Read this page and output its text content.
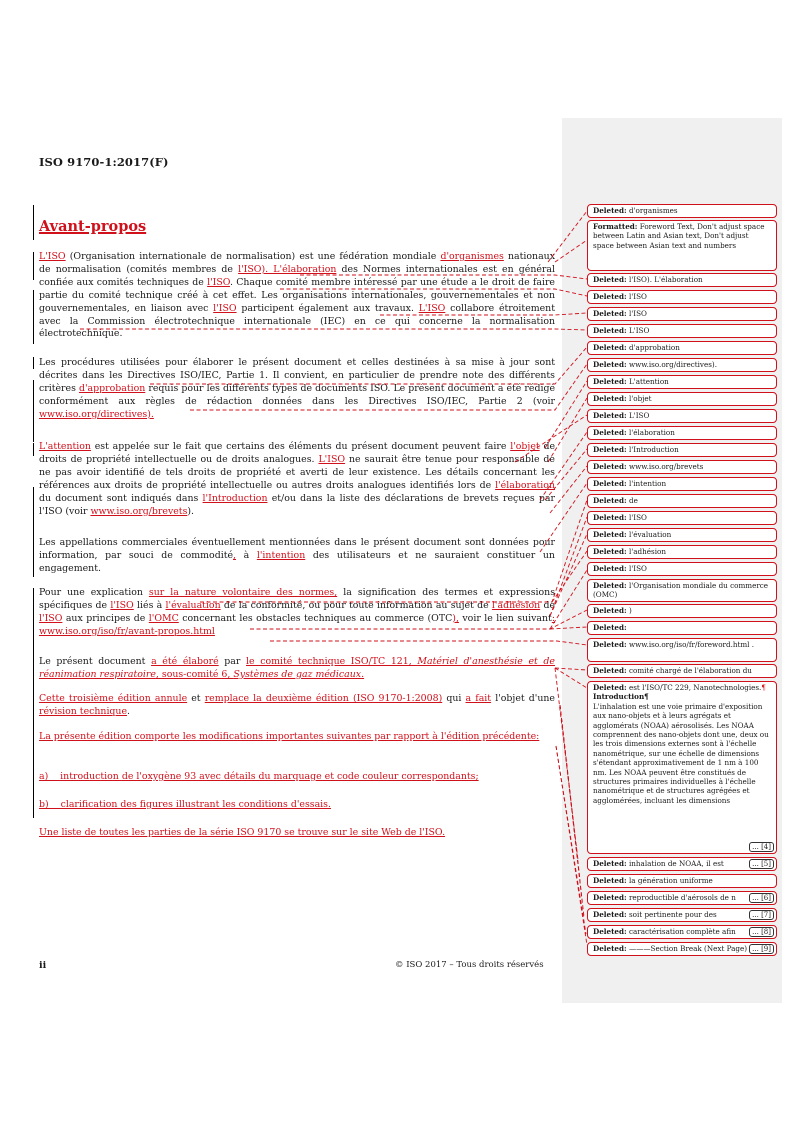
ISO 9170-1:2017(F)
Avant-propos
L'ISO (Organisation internationale de normalisation) est une fédération mondiale d'organismes nationaux de normalisation (comités membres de l'ISO). L'élaboration des Normes internationales est en général confiée aux comités techniques de l'ISO. Chaque comité membre intéressé par une étude a le droit de faire partie du comité technique créé à cet effet. Les organisations internationales, gouvernementales et non gouvernementales, en liaison avec l'ISO participent également aux travaux. L'ISO collabore étroitement avec la Commission électrotechnique internationale (IEC) en ce qui concerne la normalisation électrotechnique.
Les procédures utilisées pour élaborer le présent document et celles destinées à sa mise à jour sont décrites dans les Directives ISO/IEC, Partie 1. Il convient, en particulier de prendre note des différents critères d'approbation requis pour les différents types de documents ISO. Le présent document a été rédigé conformément aux règles de rédaction données dans les Directives ISO/IEC, Partie 2 (voir www.iso.org/directives).
L'attention est appelée sur le fait que certains des éléments du présent document peuvent faire l'objet de droits de propriété intellectuelle ou de droits analogues. L'ISO ne saurait être tenue pour responsable de ne pas avoir identifié de tels droits de propriété et averti de leur existence. Les détails concernant les références aux droits de propriété intellectuelle ou autres droits analogues identifiés lors de l'élaboration du document sont indiqués dans l'Introduction et/ou dans la liste des déclarations de brevets reçues par l'ISO (voir www.iso.org/brevets).
Les appellations commerciales éventuellement mentionnées dans le présent document sont données pour information, par souci de commodité, à l'intention des utilisateurs et ne sauraient constituer un engagement.
Pour une explication sur la nature volontaire des normes, la signification des termes et expressions spécifiques de l'ISO liés à l'évaluation de la conformité, ou pour toute information au sujet de l'adhésion de l'ISO aux principes de l'OMC concernant les obstacles techniques au commerce (OTC), voir le lien suivant: www.iso.org/iso/fr/avant-propos.html
Le présent document a été élaboré par le comité technique ISO/TC 121, Matériel d'anesthésie et de réanimation respiratoire, sous-comité 6, Systèmes de gaz médicaux.
Cette troisième édition annule et remplace la deuxième édition (ISO 9170-1:2008) qui a fait l'objet d'une révision technique.
La présente édition comporte les modifications importantes suivantes par rapport à l'édition précédente:
a)    introduction de l'oxygène 93 avec détails du marquage et code couleur correspondants;
b)    clarification des figures illustrant les conditions d'essais.
Une liste de toutes les parties de la série ISO 9170 se trouve sur le site Web de l'ISO.
ii	© ISO 2017 – Tous droits réservés
Deleted: d'organismes
Formatted: Foreword Text, Don't adjust space between Latin and Asian text, Don't adjust space between Asian text and numbers
Deleted: l'ISO). L'élaboration
Deleted: l'ISO
Deleted: l'ISO
Deleted: L'ISO
Deleted: d'approbation
Deleted: www.iso.org/directives).
Deleted: L'attention
Deleted: l'objet
Deleted: L'ISO
Deleted: l'élaboration
Deleted: l'Introduction
Deleted: www.iso.org/brevets
Deleted: l'intention
Deleted: de
Deleted: l'ISO
Deleted: l'évaluation
Deleted: l'adhésion
Deleted: l'ISO
Deleted: l'Organisation mondiale du commerce (OMC)
Deleted: )
Deleted:
Deleted: www.iso.org/iso/fr/foreword.html .
Deleted: comité chargé de l'élaboration du
Deleted: est l'ISO/TC 229, Nanotechnologies.¶
Introduction¶
L'inhalation est une voie primaire d'exposition aux nano-objets et à leurs agrégats et agglomérats (NOAA) aérosolisés. Les NOAA comprennent des nano-objets dont une, deux ou les trois dimensions externes sont à l'échelle nanométrique, sur une échelle de dimensions s'étendant approximativement de 1 nm à 100 nm. Les NOAA peuvent être constitués de structures primaires individuelles à l'échelle nanométrique et de structures agrégées et agglomérées, incluant les dimensions
... [4]
Deleted: inhalation de NOAA, il est	... [5]
Deleted: la génération uniforme
Deleted: reproductible d'aérosols de n	... [6]
Deleted: soit pertinente pour des	... [7]
Deleted: caractérisation complète afin	... [8]
Deleted: ———Section Break (Next Page) ... [9]
